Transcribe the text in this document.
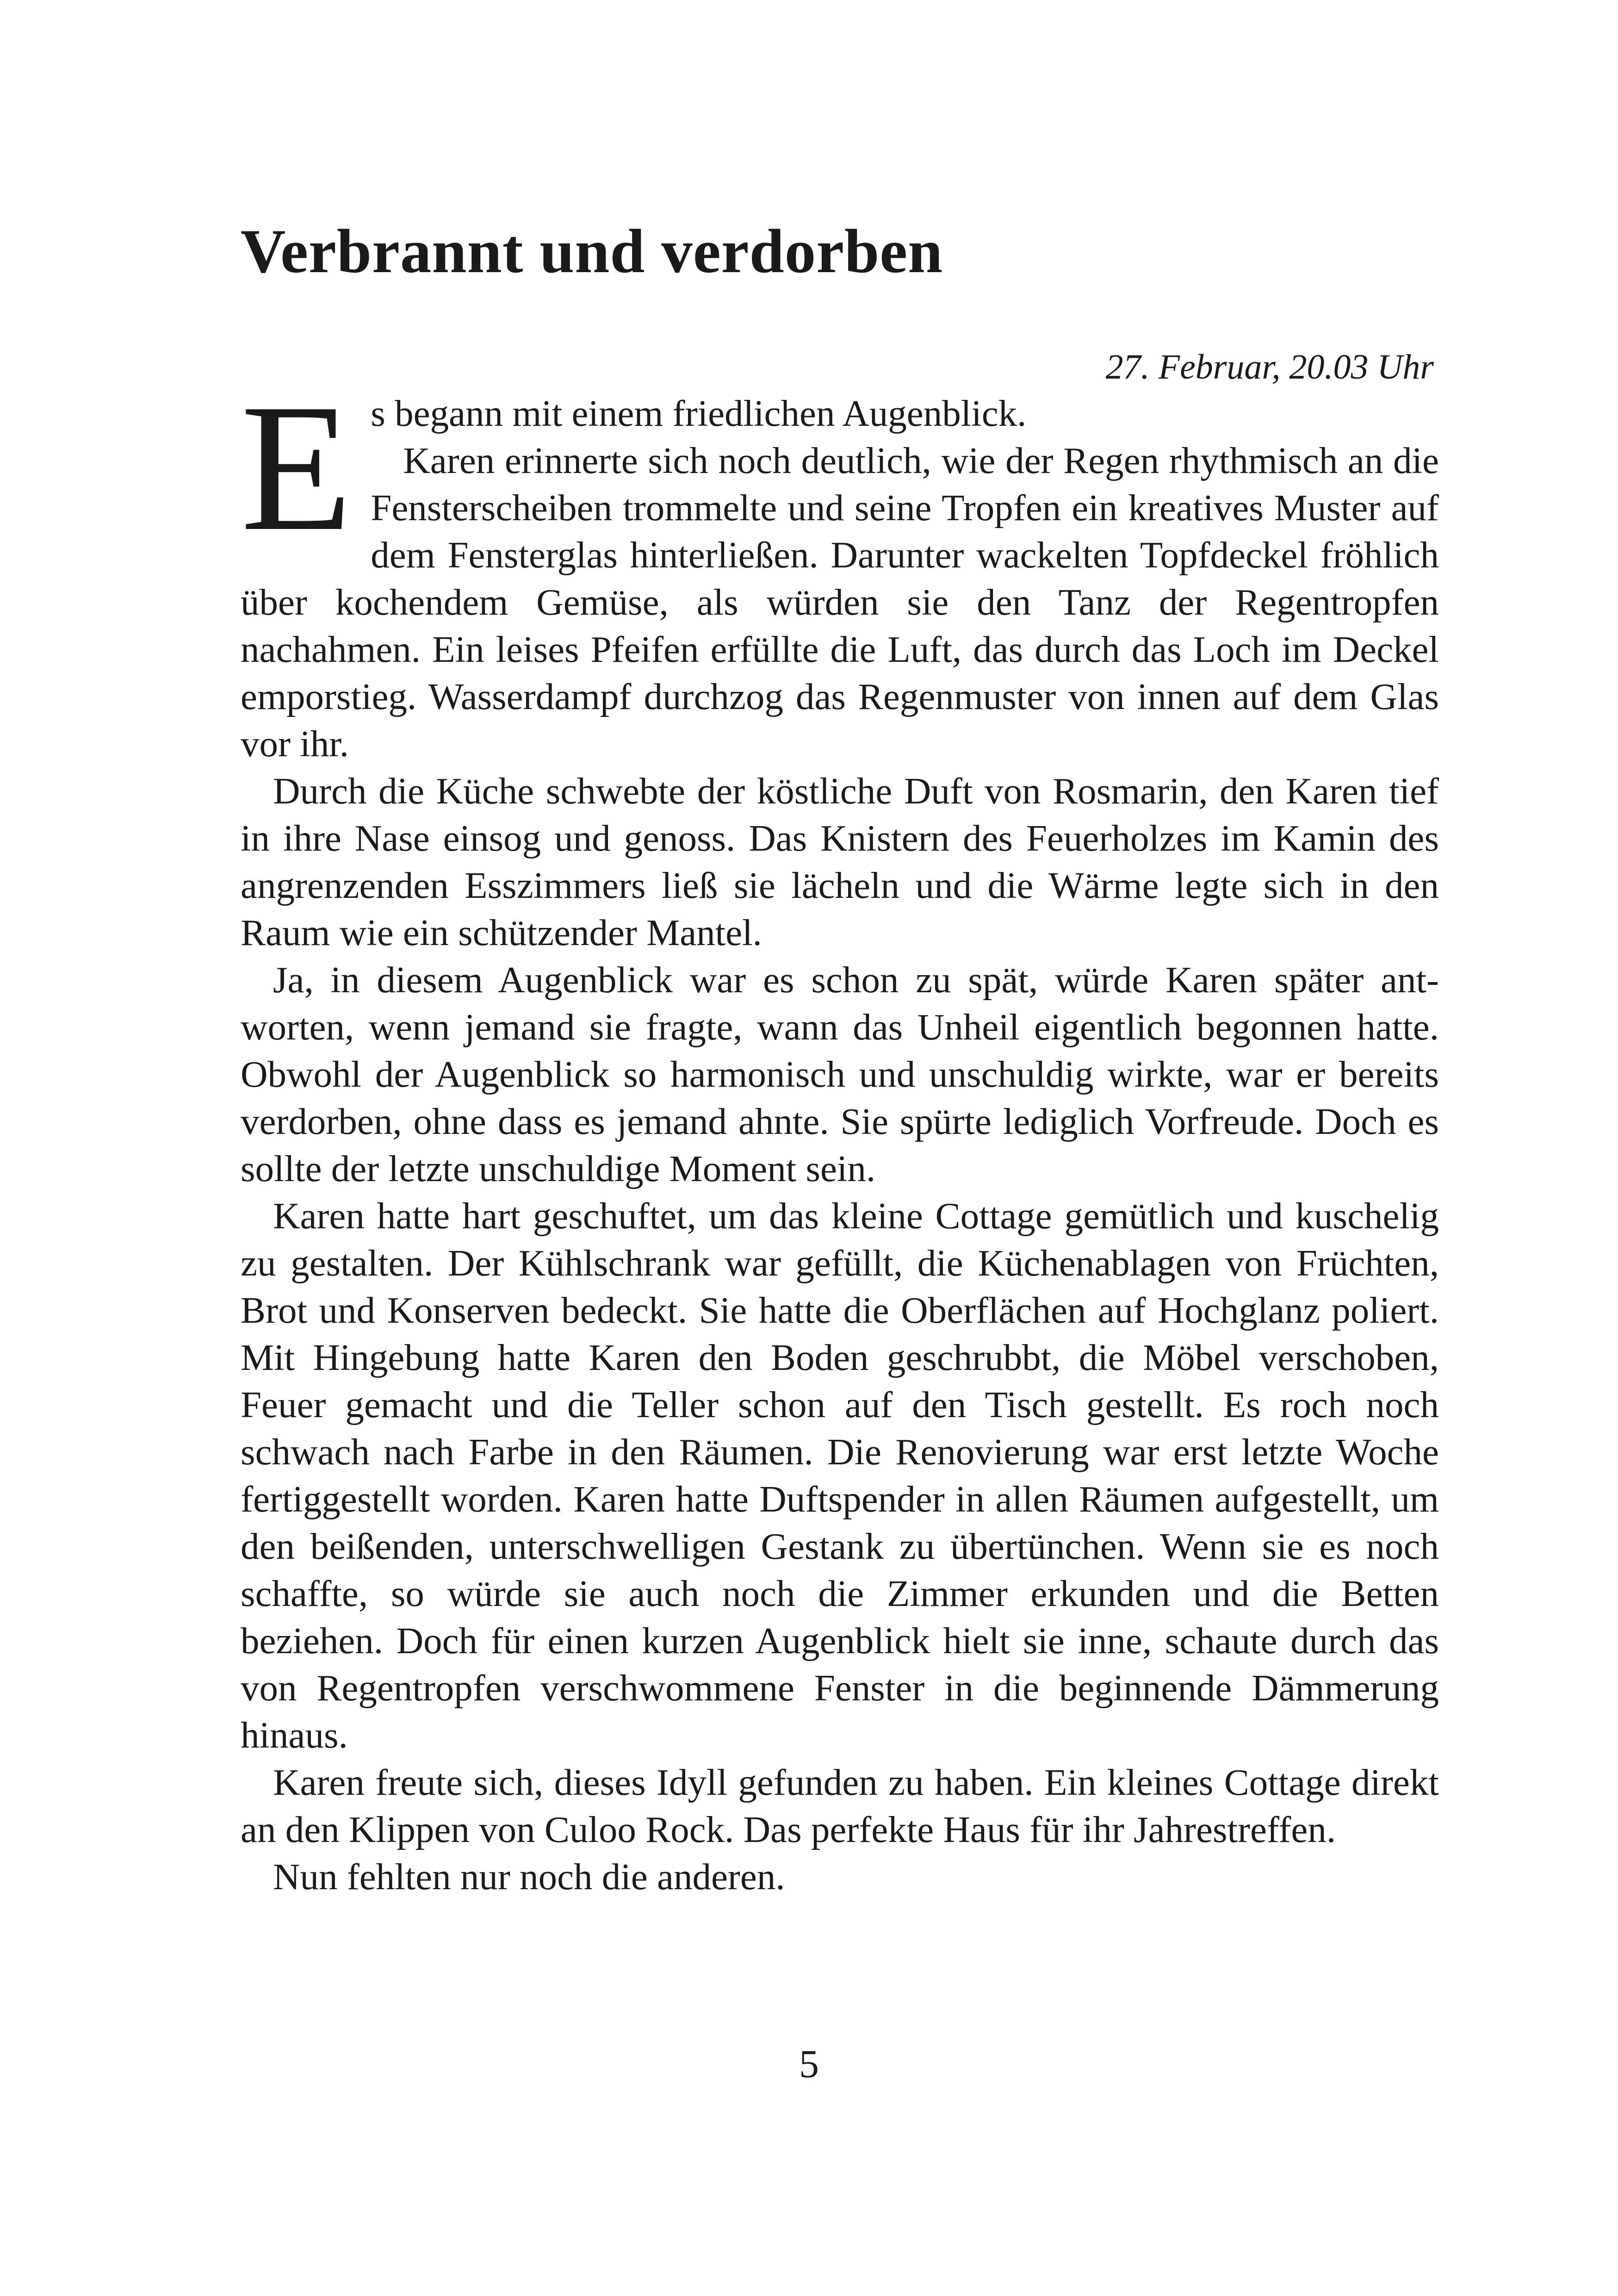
Verbrannt und verdorben
27. Februar, 20.03 Uhr

E s begann mit einem friedlichen Augenblick.
Karen erinnerte sich noch deutlich, wie der Regen rhythmisch an die Fensterscheiben trommelte und seine Tropfen ein kreatives Muster auf dem Fensterglas hinterließen. Darunter wackelten Topfdeckel fröhlich über kochendem Gemüse, als würden sie den Tanz der Regentropfen nachahmen. Ein leises Pfeifen erfüllte die Luft, das durch das Loch im Deckel emporstieg. Wasserdampf durchzog das Regenmuster von innen auf dem Glas vor ihr.

Durch die Küche schwebte der köstliche Duft von Rosmarin, den Karen tief in ihre Nase einsog und genoss. Das Knistern des Feuerholzes im Kamin des angrenzenden Esszimmers ließ sie lächeln und die Wärme legte sich in den Raum wie ein schützender Mantel.

Ja, in diesem Augenblick war es schon zu spät, würde Karen später antworten, wenn jemand sie fragte, wann das Unheil eigentlich begonnen hatte. Obwohl der Augenblick so harmonisch und unschuldig wirkte, war er bereits verdorben, ohne dass es jemand ahnte. Sie spürte lediglich Vorfreude. Doch es sollte der letzte unschuldige Moment sein.

Karen hatte hart geschuftet, um das kleine Cottage gemütlich und kuschelig zu gestalten. Der Kühlschrank war gefüllt, die Küchenablagen von Früchten, Brot und Konserven bedeckt. Sie hatte die Oberflächen auf Hochglanz poliert. Mit Hingebung hatte Karen den Boden geschrubbt, die Möbel verschoben, Feuer gemacht und die Teller schon auf den Tisch gestellt. Es roch noch schwach nach Farbe in den Räumen. Die Renovierung war erst letzte Woche fertiggestellt worden. Karen hatte Duftspender in allen Räumen aufgestellt, um den beißenden, unterschwelligen Gestank zu übertünchen. Wenn sie es noch schaffte, so würde sie auch noch die Zimmer erkunden und die Betten beziehen. Doch für einen kurzen Augenblick hielt sie inne, schaute durch das von Regentropfen verschwommene Fenster in die beginnende Dämmerung hinaus.

Karen freute sich, dieses Idyll gefunden zu haben. Ein kleines Cottage direkt an den Klippen von Culoo Rock. Das perfekte Haus für ihr Jahrestreffen.

Nun fehlten nur noch die anderen.

5
